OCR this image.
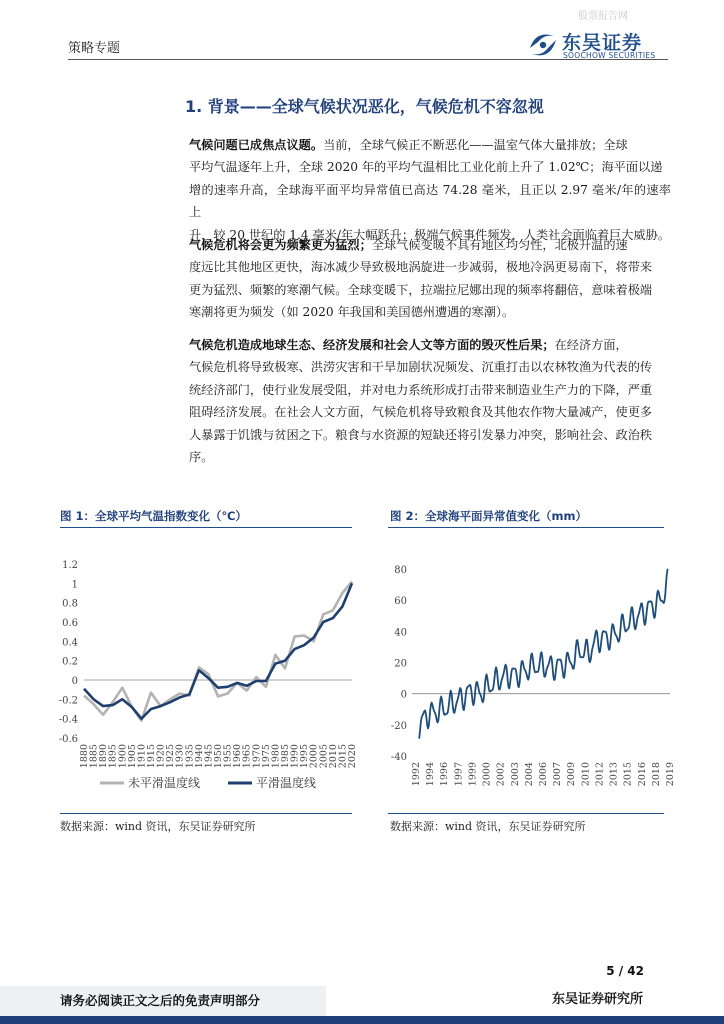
股票报告网
策略专题	东吴证券
SOOCHOW SECURITIES
1. 背景——全球气候状况恶化，气候危机不容忽视
气候问题已成焦点议题。当前，全球气候正不断恶化——温室气体大量排放；全球
平均气温逐年上升，全球 2020 年的平均气温相比工业化前上升了 1.02℃；海平面以递
增的速率升高，全球海平面平均异常值已高达 74.28 毫米，且正以 2.97 毫米/年的速率上
升，较 20 世纪的 1.4 毫米/年大幅跃升；极端气候事件频发，人类社会面临着巨大威胁。
气候危机将会更为频繁更为猛烈；全球气候变暖不具有地区均匀性，北极升温的速
度远比其他地区更快，海冰减少导致极地涡旋进一步减弱，极地冷涡更易南下，将带来
更为猛烈、频繁的寒潮气候。全球变暖下，拉端拉尼娜出现的频率将翻倍，意味着极端
寒潮将更为频发（如 2020 年我国和美国德州遭遇的寒潮）。
气候危机造成地球生态、经济发展和社会人文等方面的毁灭性后果；在经济方面，
气候危机将导致极寒、洪涝灾害和干旱加剧状况频发、沉重打击以农林牧渔为代表的传
统经济部门，使行业发展受阻，并对电力系统形成打击带来制造业生产力的下降，严重
阻碍经济发展。在社会人文方面，气候危机将导致粮食及其他农作物大量减产，使更多
人暴露于饥饿与贫困之下。粮食与水资源的短缺还将引发暴力冲突，影响社会、政治秩
序。
图 1：全球平均气温指数变化（℃）	图 2：全球海平面异常值变化（mm）
1.2
1
0.8
0.6
0.4
0.2
0
-0.2
-0.4
-0.6
1880
1885
1890
1895
1900
1905
1910
1915
1920
1925
1930
1935
1940
1945
1950
1955
1960
1965
1970
1975
1980
1985
1990
1995
2000
2005
2010
2015
2020
未平滑温度线	平滑温度线
80
60
40
20
0
-20
-40
1992 1994 1996 1997 1999 2000 2002 2003 2004 2006 2007 2009 2010 2012 2013 2015 2016 2018 2019
数据来源：wind 资讯，东吴证券研究所	数据来源：wind 资讯，东吴证券研究所
5 / 42
请务必阅读正文之后的免责声明部分	东吴证券研究所
